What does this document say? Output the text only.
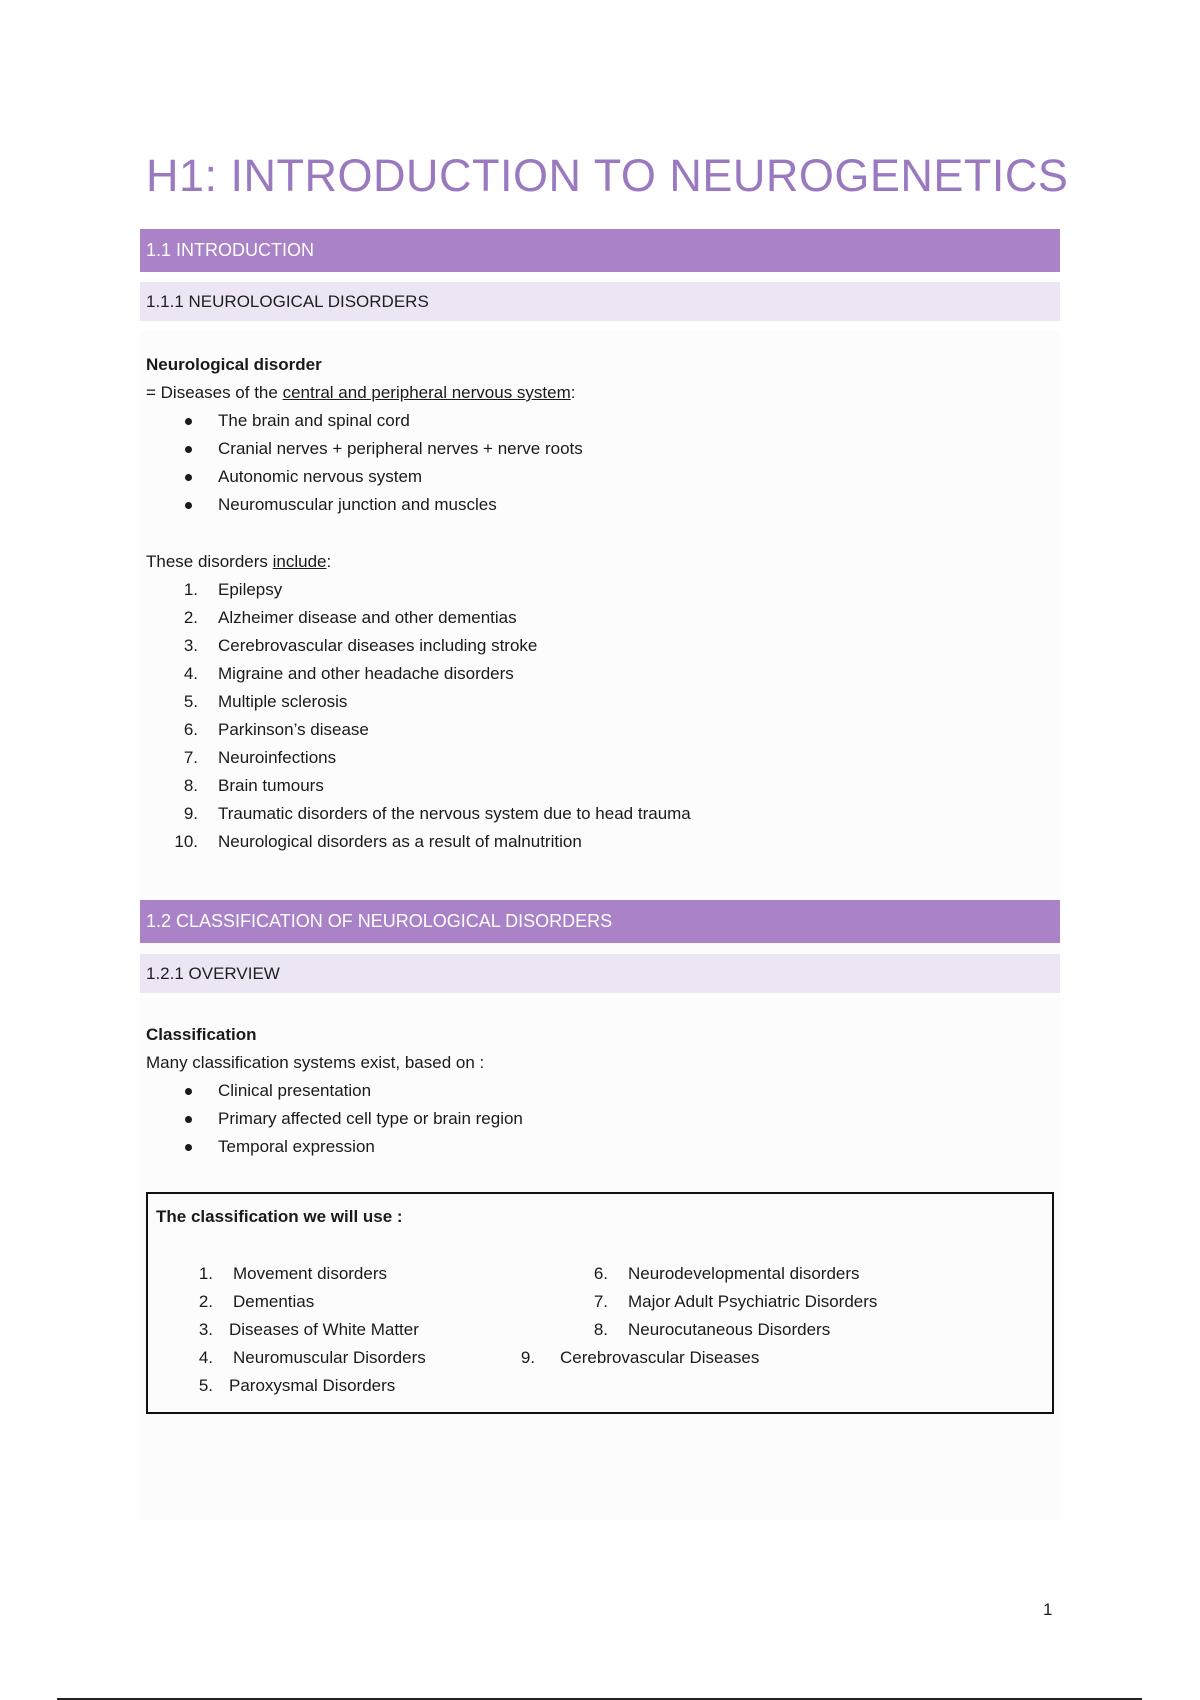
H1: INTRODUCTION TO NEUROGENETICS
1.1 INTRODUCTION
1.1.1 NEUROLOGICAL DISORDERS
Neurological disorder
= Diseases of the central and peripheral nervous system:
The brain and spinal cord
Cranial nerves + peripheral nerves + nerve roots
Autonomic nervous system
Neuromuscular junction and muscles
These disorders include:
1. Epilepsy
2. Alzheimer disease and other dementias
3. Cerebrovascular diseases including stroke
4. Migraine and other headache disorders
5. Multiple sclerosis
6. Parkinson’s disease
7. Neuroinfections
8. Brain tumours
9. Traumatic disorders of the nervous system due to head trauma
10. Neurological disorders as a result of malnutrition
1.2 CLASSIFICATION OF NEUROLOGICAL DISORDERS
1.2.1 OVERVIEW
Classification
Many classification systems exist, based on :
Clinical presentation
Primary affected cell type or brain region
Temporal expression
The classification we will use :
1. Movement disorders
2. Dementias
3. Diseases of White Matter
4. Neuromuscular Disorders
5. Paroxysmal Disorders
6. Neurodevelopmental disorders
7. Major Adult Psychiatric Disorders
8. Neurocutaneous Disorders
9. Cerebrovascular Diseases
1
